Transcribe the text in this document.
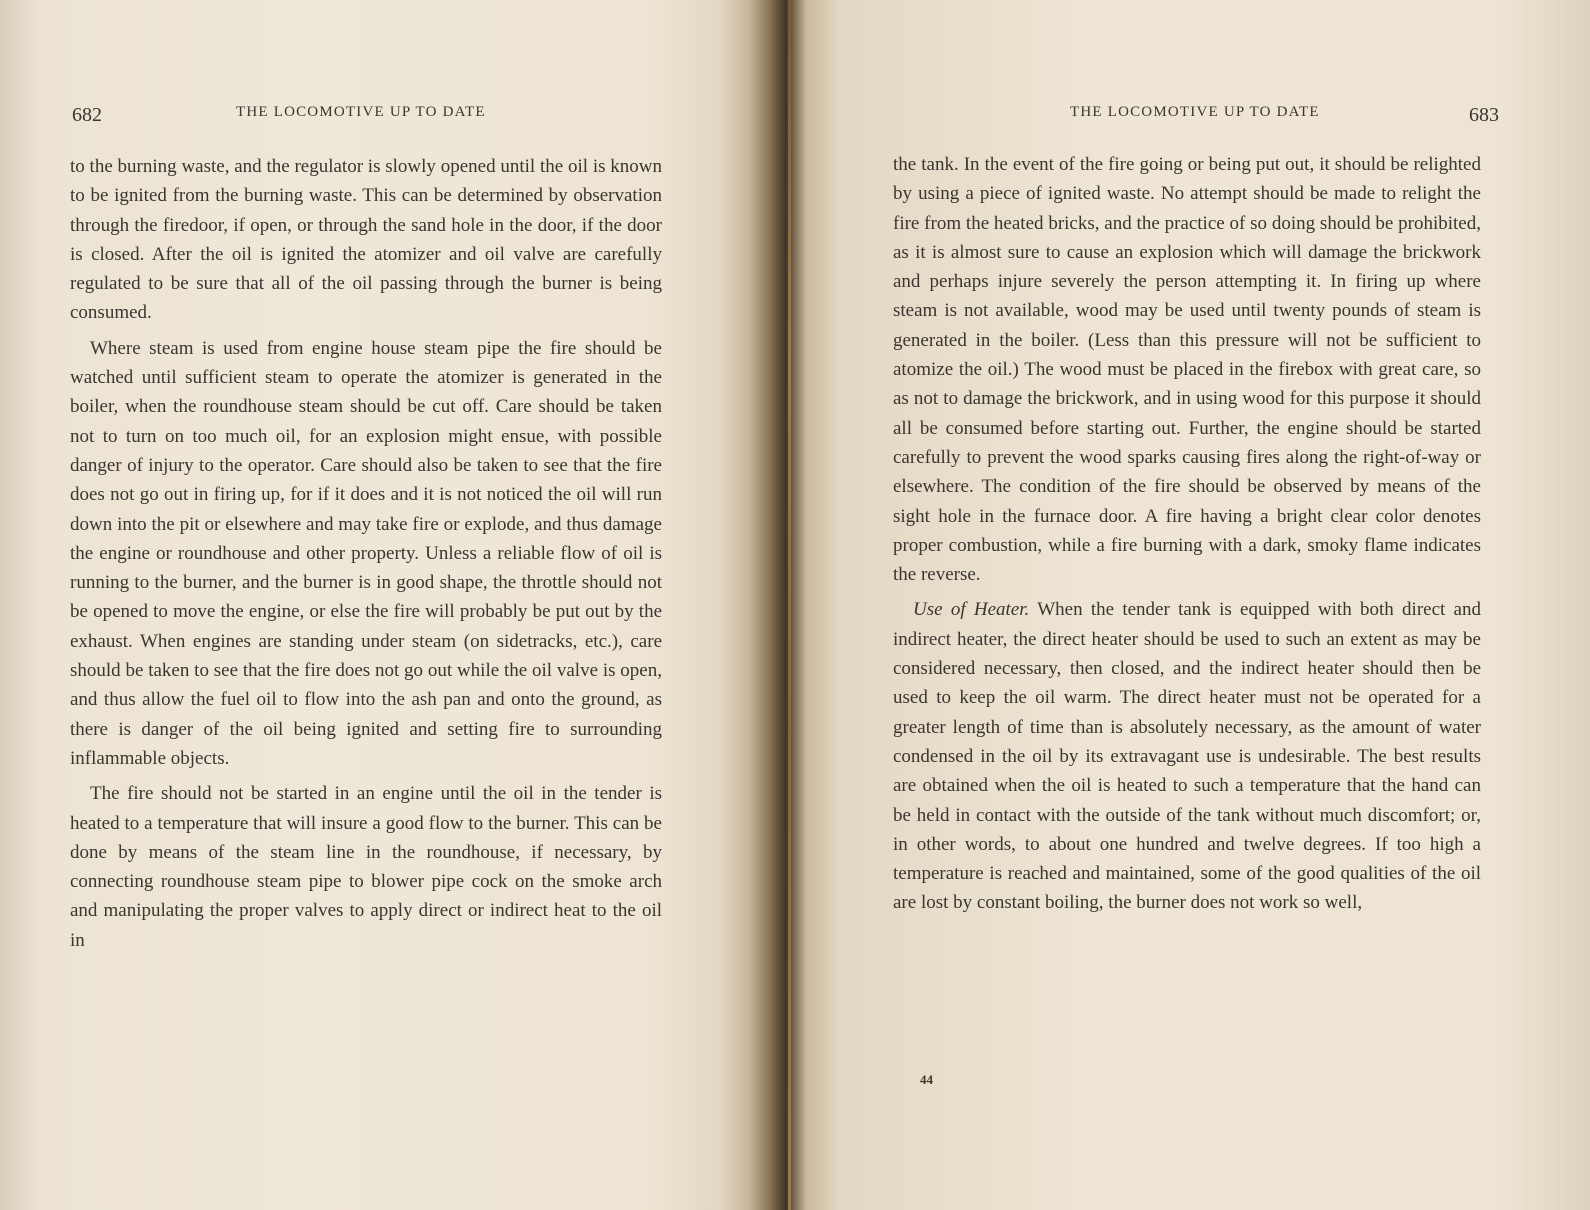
682	THE LOCOMOTIVE UP TO DATE

to the burning waste, and the regulator is slowly opened until the oil is known to be ignited from the burning waste. This can be determined by observation through the firedoor, if open, or through the sand hole in the door, if the door is closed. After the oil is ignited the atomizer and oil valve are carefully regulated to be sure that all of the oil passing through the burner is being consumed.

Where steam is used from engine house steam pipe the fire should be watched until sufficient steam to operate the atomizer is generated in the boiler, when the roundhouse steam should be cut off. Care should be taken not to turn on too much oil, for an explosion might ensue, with possible danger of injury to the operator. Care should also be taken to see that the fire does not go out in firing up, for if it does and it is not noticed the oil will run down into the pit or elsewhere and may take fire or explode, and thus damage the engine or roundhouse and other property. Unless a reliable flow of oil is running to the burner, and the burner is in good shape, the throttle should not be opened to move the engine, or else the fire will probably be put out by the exhaust. When engines are standing under steam (on sidetracks, etc.), care should be taken to see that the fire does not go out while the oil valve is open, and thus allow the fuel oil to flow into the ash pan and onto the ground, as there is danger of the oil being ignited and setting fire to surrounding inflammable objects.

The fire should not be started in an engine until the oil in the tender is heated to a temperature that will insure a good flow to the burner. This can be done by means of the steam line in the roundhouse, if necessary, by connecting roundhouse steam pipe to blower pipe cock on the smoke arch and manipulating the proper valves to apply direct or indirect heat to the oil in

THE LOCOMOTIVE UP TO DATE	683

the tank. In the event of the fire going or being put out, it should be relighted by using a piece of ignited waste. No attempt should be made to relight the fire from the heated bricks, and the practice of so doing should be prohibited, as it is almost sure to cause an explosion which will damage the brickwork and perhaps injure severely the person attempting it. In firing up where steam is not available, wood may be used until twenty pounds of steam is generated in the boiler. (Less than this pressure will not be sufficient to atomize the oil.) The wood must be placed in the firebox with great care, so as not to damage the brickwork, and in using wood for this purpose it should all be consumed before starting out. Further, the engine should be started carefully to prevent the wood sparks causing fires along the right-of-way or elsewhere. The condition of the fire should be observed by means of the sight hole in the furnace door. A fire having a bright clear color denotes proper combustion, while a fire burning with a dark, smoky flame indicates the reverse.

Use of Heater. When the tender tank is equipped with both direct and indirect heater, the direct heater should be used to such an extent as may be considered necessary, then closed, and the indirect heater should then be used to keep the oil warm. The direct heater must not be operated for a greater length of time than is absolutely necessary, as the amount of water condensed in the oil by its extravagant use is undesirable. The best results are obtained when the oil is heated to such a temperature that the hand can be held in contact with the outside of the tank without much discomfort; or, in other words, to about one hundred and twelve degrees. If too high a temperature is reached and maintained, some of the good qualities of the oil are lost by constant boiling, the burner does not work so well,

44
